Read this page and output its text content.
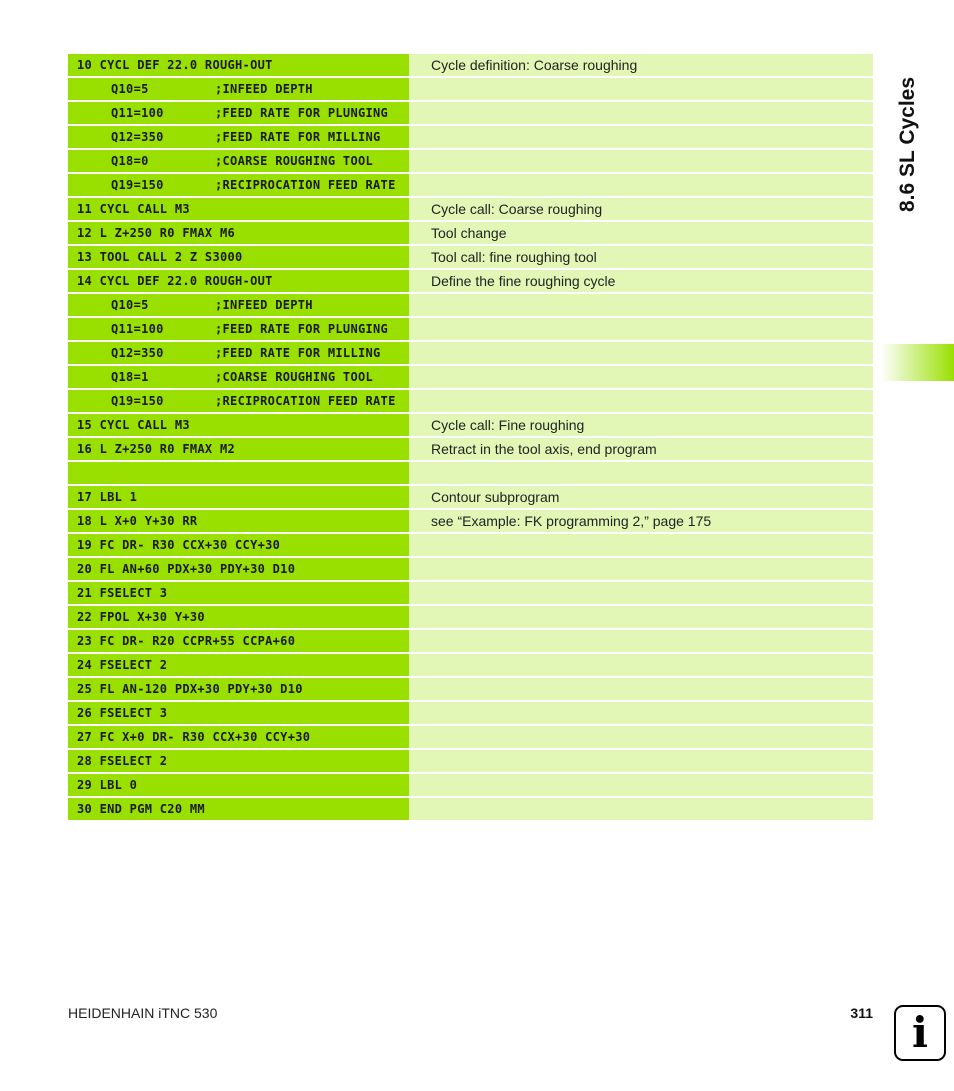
10 CYCL DEF 22.0 ROUGH-OUT	Cycle definition: Coarse roughing
Q10=5	;INFEED DEPTH
Q11=100	;FEED RATE FOR PLUNGING
Q12=350	;FEED RATE FOR MILLING
Q18=0	;COARSE ROUGHING TOOL
Q19=150	;RECIPROCATION FEED RATE
11 CYCL CALL M3	Cycle call: Coarse roughing
12 L Z+250 R0 FMAX M6	Tool change
13 TOOL CALL 2 Z S3000	Tool call: fine roughing tool
14 CYCL DEF 22.0 ROUGH-OUT	Define the fine roughing cycle
Q10=5	;INFEED DEPTH
Q11=100	;FEED RATE FOR PLUNGING
Q12=350	;FEED RATE FOR MILLING
Q18=1	;COARSE ROUGHING TOOL
Q19=150	;RECIPROCATION FEED RATE
15 CYCL CALL M3	Cycle call: Fine roughing
16 L Z+250 R0 FMAX M2	Retract in the tool axis, end program
17 LBL 1	Contour subprogram
18 L X+0 Y+30 RR	see “Example: FK programming 2,” page 175
19 FC DR- R30 CCX+30 CCY+30
20 FL AN+60 PDX+30 PDY+30 D10
21 FSELECT 3
22 FPOL X+30 Y+30
23 FC DR- R20 CCPR+55 CCPA+60
24 FSELECT 2
25 FL AN-120 PDX+30 PDY+30 D10
26 FSELECT 3
27 FC X+0 DR- R30 CCX+30 CCY+30
28 FSELECT 2
29 LBL 0
30 END PGM C20 MM
8.6 SL Cycles
HEIDENHAIN iTNC 530	311 i
